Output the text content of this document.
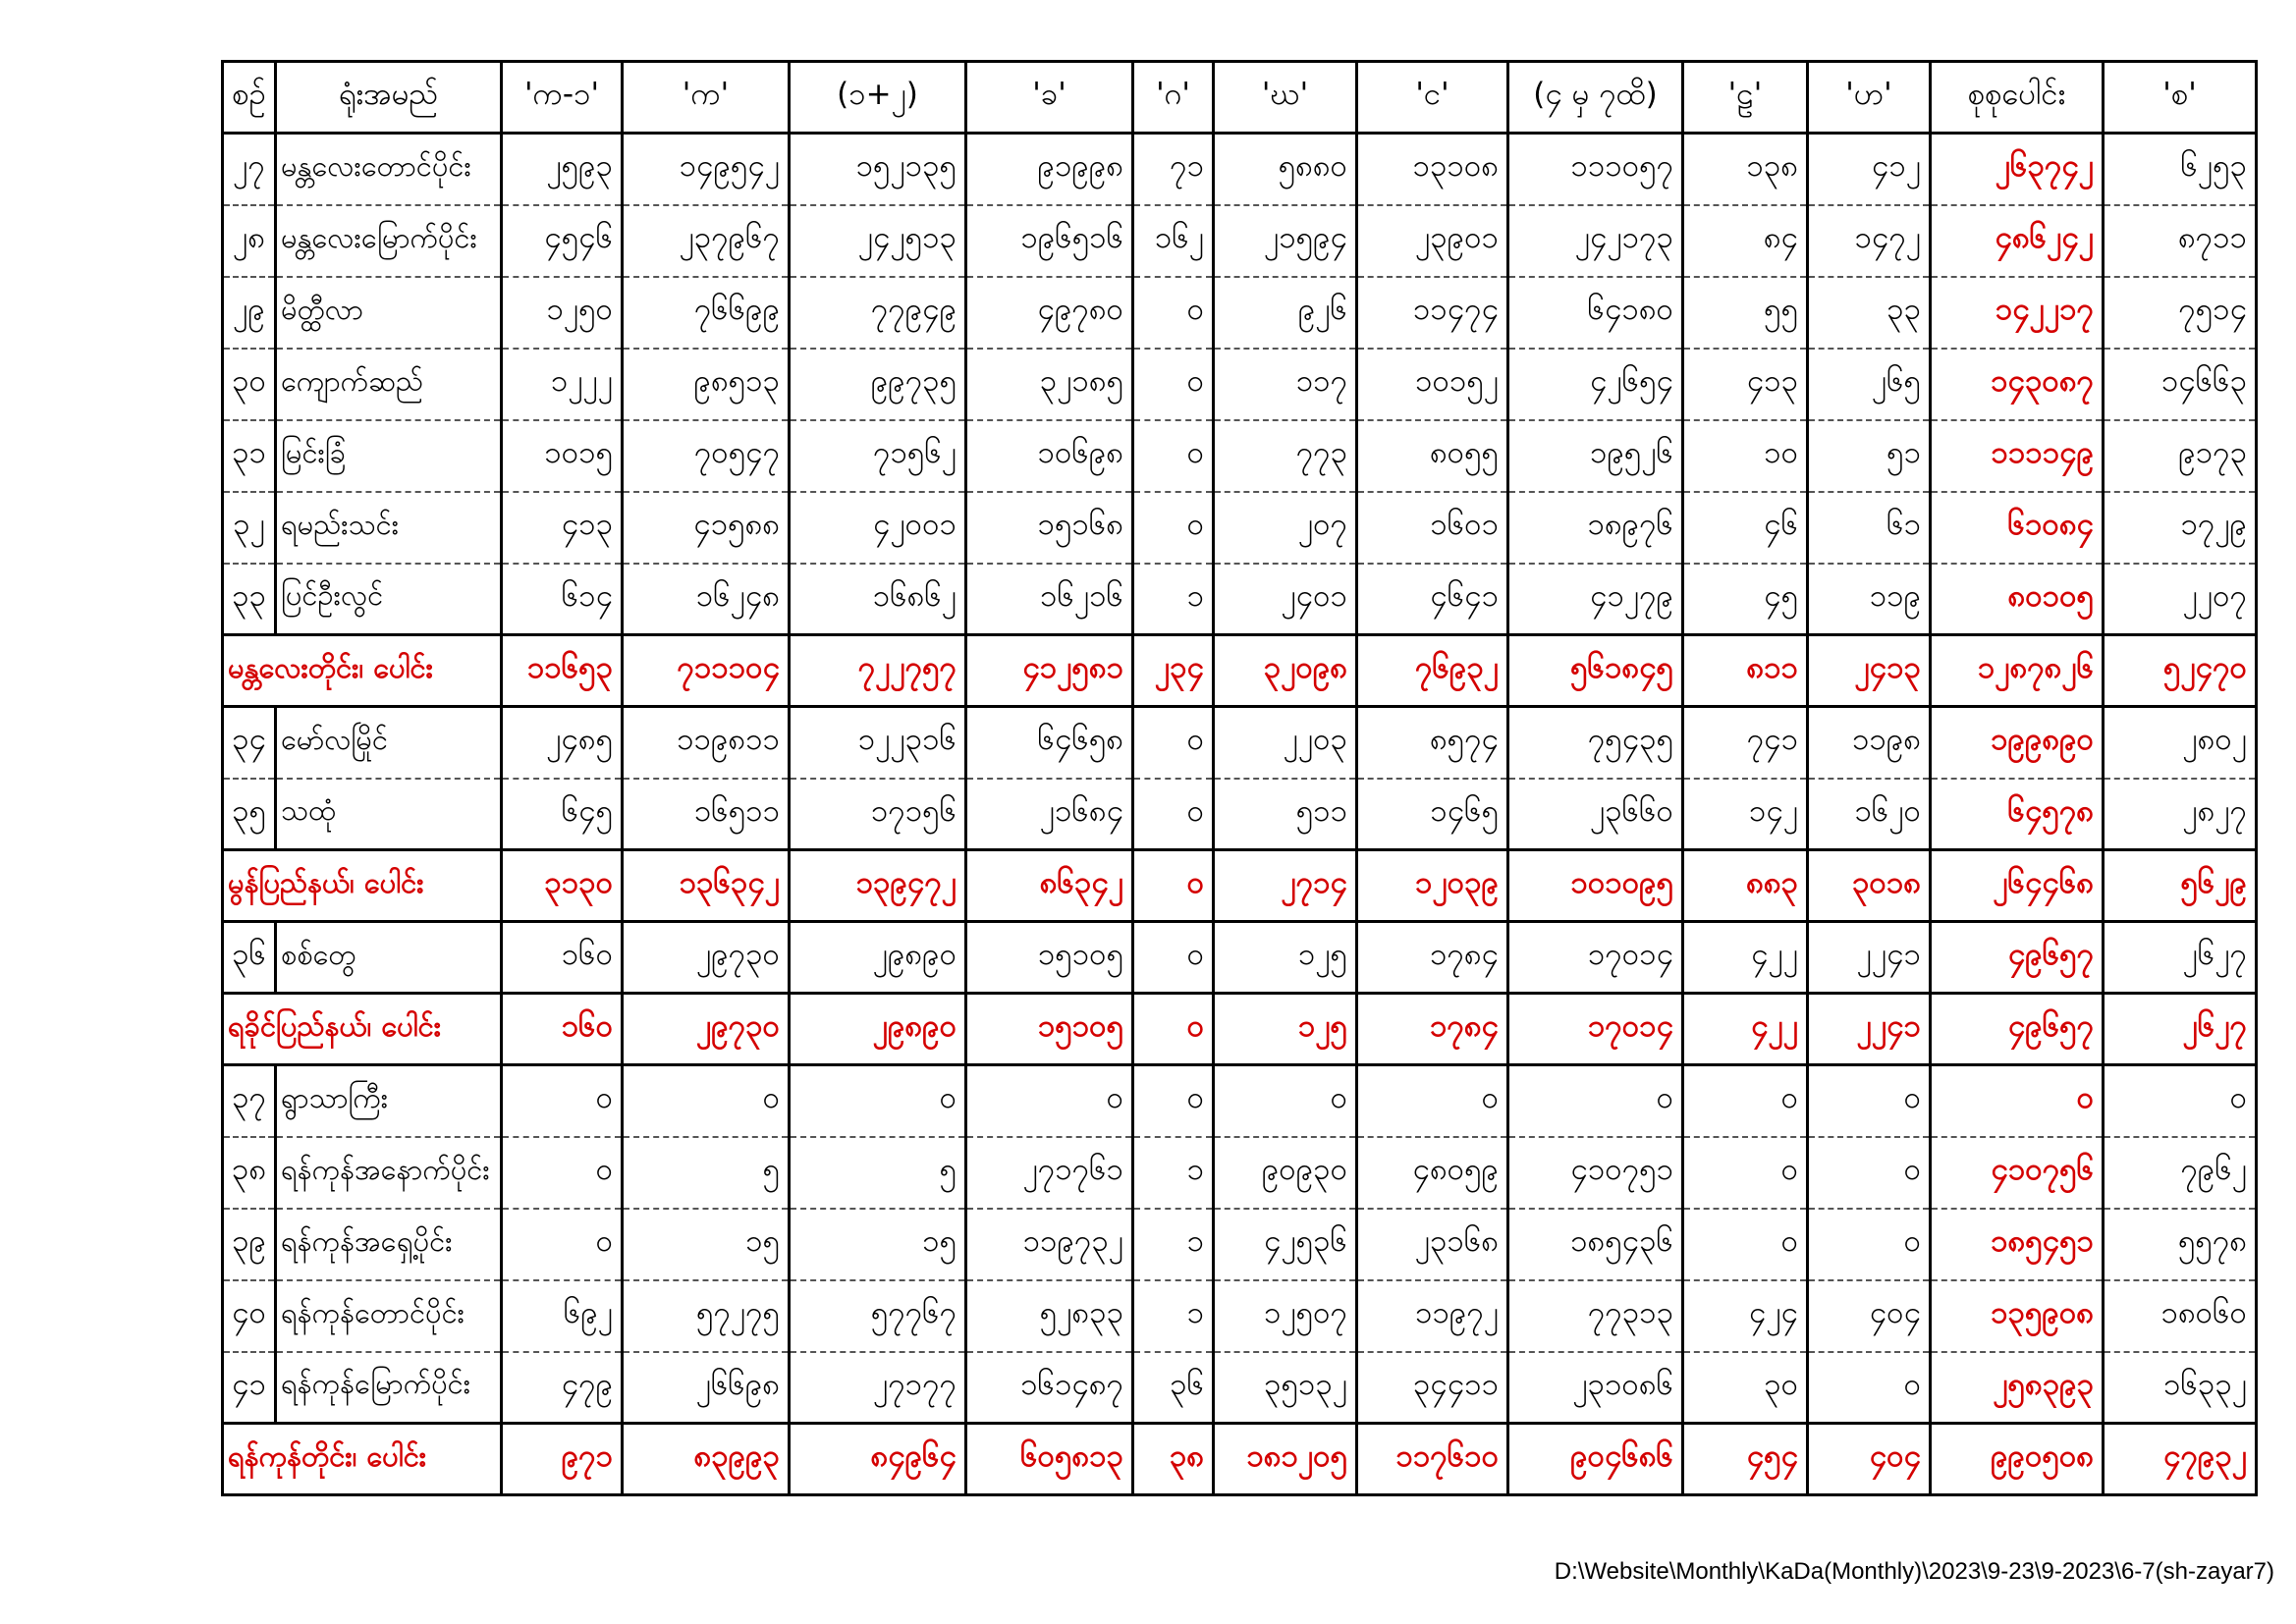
စဉ်	ရုံးအမည်	'က-၁'	'က'	(၁+၂)	'ခ'	'ဂ'	'ဃ'	'င'	(၄ မှ ၇ထိ)	'ဠ'	'ဟ'	စုစုပေါင်း	'စ'
၂၇	မန္တလေးတောင်ပိုင်း	၂၅၉၃	၁၄၉၅၄၂	၁၅၂၁၃၅	၉၁၉၉၈	၇၁	၅၈၈၀	၁၃၁၀၈	၁၁၁၀၅၇	၁၃၈	၄၁၂	၂၆၃၇၄၂	၆၂၅၃
၂၈	မန္တလေးမြောက်ပိုင်း	၄၅၄၆	၂၃၇၉၆၇	၂၄၂၅၁၃	၁၉၆၅၁၆	၁၆၂	၂၁၅၉၄	၂၃၉၀၁	၂၄၂၁၇၃	၈၄	၁၄၇၂	၄၈၆၂၄၂	၈၇၁၁
၂၉	မိတ္ထီလာ	၁၂၅၀	၇၆၆၉၉	၇၇၉၄၉	၄၉၇၈၀	၀	၉၂၆	၁၁၄၇၄	၆၄၁၈၀	၅၅	၃၃	၁၄၂၂၁၇	၇၅၁၄
၃၀	ကျောက်ဆည်	၁၂၂၂	၉၈၅၁၃	၉၉၇၃၅	၃၂၁၈၅	၀	၁၁၇	၁၀၁၅၂	၄၂၆၅၄	၄၁၃	၂၆၅	၁၄၃၀၈၇	၁၄၆၆၃
၃၁	မြင်းခြံ	၁၀၁၅	၇၀၅၄၇	၇၁၅၆၂	၁၀၆၉၈	၀	၇၇၃	၈၀၅၅	၁၉၅၂၆	၁၀	၅၁	၁၁၁၁၄၉	၉၁၇၃
၃၂	ရမည်းသင်း	၄၁၃	၄၁၅၈၈	၄၂၀၀၁	၁၅၁၆၈	၀	၂၀၇	၁၆၀၁	၁၈၉၇၆	၄၆	၆၁	၆၁၀၈၄	၁၇၂၉
၃၃	ပြင်ဦးလွင်	၆၁၄	၁၆၂၄၈	၁၆၈၆၂	၁၆၂၁၆	၁	၂၄၀၁	၄၆၄၁	၄၁၂၇၉	၄၅	၁၁၉	၈၀၁၀၅	၂၂၀၇
မန္တလေးတိုင်း၊ ပေါင်း		၁၁၆၅၃	၇၁၁၁၀၄	၇၂၂၇၅၇	၄၁၂၅၈၁	၂၃၄	၃၂၀၉၈	၇၆၉၃၂	၅၆၁၈၄၅	၈၁၁	၂၄၁၃	၁၂၈၇၈၂၆	၅၂၄၇၀
၃၄	မော်လမြိုင်	၂၄၈၅	၁၁၉၈၁၁	၁၂၂၃၁၆	၆၄၆၅၈	၀	၂၂၀၃	၈၅၇၄	၇၅၄၃၅	၇၄၁	၁၁၉၈	၁၉၉၈၉၀	၂၈၀၂
၃၅	သထုံ	၆၄၅	၁၆၅၁၁	၁၇၁၅၆	၂၁၆၈၄	၀	၅၁၁	၁၄၆၅	၂၃၆၆၀	၁၄၂	၁၆၂၀	၆၄၅၇၈	၂၈၂၇
မွန်ပြည်နယ်၊ ပေါင်း		၃၁၃၀	၁၃၆၃၄၂	၁၃၉၄၇၂	၈၆၃၄၂	၀	၂၇၁၄	၁၂၀၃၉	၁၀၁၀၉၅	၈၈၃	၃၀၁၈	၂၆၄၄၆၈	၅၆၂၉
၃၆	စစ်တွေ	၁၆၀	၂၉၇၃၀	၂၉၈၉၀	၁၅၁၀၅	၀	၁၂၅	၁၇၈၄	၁၇၀၁၄	၄၂၂	၂၂၄၁	၄၉၆၅၇	၂၆၂၇
ရခိုင်ပြည်နယ်၊ ပေါင်း		၁၆၀	၂၉၇၃၀	၂၉၈၉၀	၁၅၁၀၅	၀	၁၂၅	၁၇၈၄	၁၇၀၁၄	၄၂၂	၂၂၄၁	၄၉၆၅၇	၂၆၂၇
၃၇	ရွာသာကြီး	၀	၀	၀	၀	၀	၀	၀	၀	၀	၀	၀	၀
၃၈	ရန်ကုန်အနောက်ပိုင်း	၀	၅	၅	၂၇၁၇၆၁	၁	၉၀၉၃၀	၄၈၀၅၉	၄၁၀၇၅၁	၀	၀	၄၁၀၇၅၆	၇၉၆၂
၃၉	ရန်ကုန်အရှေ့ပိုင်း	၀	၁၅	၁၅	၁၁၉၇၃၂	၁	၄၂၅၃၆	၂၃၁၆၈	၁၈၅၄၃၆	၀	၀	၁၈၅၄၅၁	၅၅၇၈
၄၀	ရန်ကုန်တောင်ပိုင်း	၆၉၂	၅၇၂၇၅	၅၇၇၆၇	၅၂၈၃၃	၁	၁၂၅၀၇	၁၁၉၇၂	၇၇၃၁၃	၄၂၄	၄၀၄	၁၃၅၉၀၈	၁၈၀၆၀
၄၁	ရန်ကုန်မြောက်ပိုင်း	၄၇၉	၂၆၆၉၈	၂၇၁၇၇	၁၆၁၄၈၇	၃၆	၃၅၁၃၂	၃၄၄၁၁	၂၃၁၀၈၆	၃၀	၀	၂၅၈၃၉၃	၁၆၃၃၂
ရန်ကုန်တိုင်း၊ ပေါင်း		၉၇၁	၈၃၉၉၃	၈၄၉၆၄	၆၀၅၈၁၃	၃၈	၁၈၁၂၀၅	၁၁၇၆၁၀	၉၀၄၆၈၆	၄၅၄	၄၀၄	၉၉၀၅၀၈	၄၇၉၃၂
D:\Website\Monthly\KaDa(Monthly)\2023\9-23\9-2023\6-7(sh-zayar7)
